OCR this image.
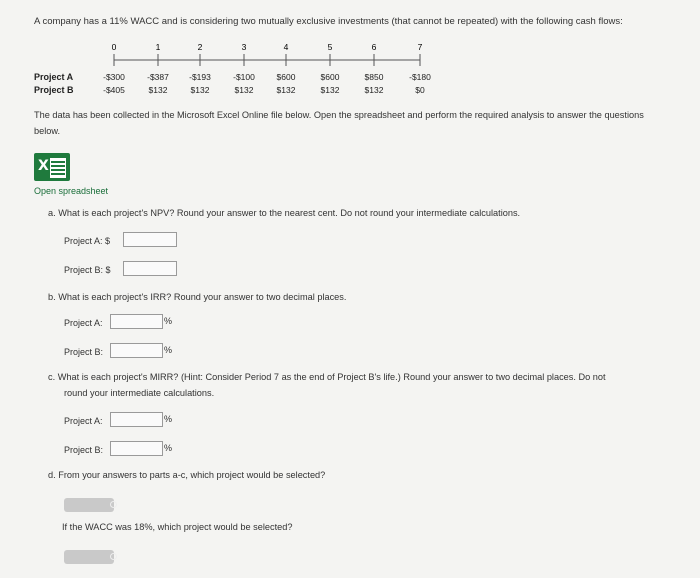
A company has a 11% WACC and is considering two mutually exclusive investments (that cannot be repeated) with the following cash flows:
0	1	2	3	4	5	6	7
Project A	-$300	-$387	-$193	-$100	$600	$600	$850	-$180
Project B	-$405	$132	$132	$132	$132	$132	$132	$0
The data has been collected in the Microsoft Excel Online file below. Open the spreadsheet and perform the required analysis to answer the questions below.
X
Open spreadsheet
a. What is each project's NPV? Round your answer to the nearest cent. Do not round your intermediate calculations.
Project A: $
Project B: $
b. What is each project's IRR? Round your answer to two decimal places.
Project A:	%
Project B:	%
c. What is each project's MIRR? (Hint: Consider Period 7 as the end of Project B's life.) Round your answer to two decimal places. Do not
round your intermediate calculations.
Project A:	%
Project B:	%
d. From your answers to parts a-c, which project would be selected?
If the WACC was 18%, which project would be selected?
